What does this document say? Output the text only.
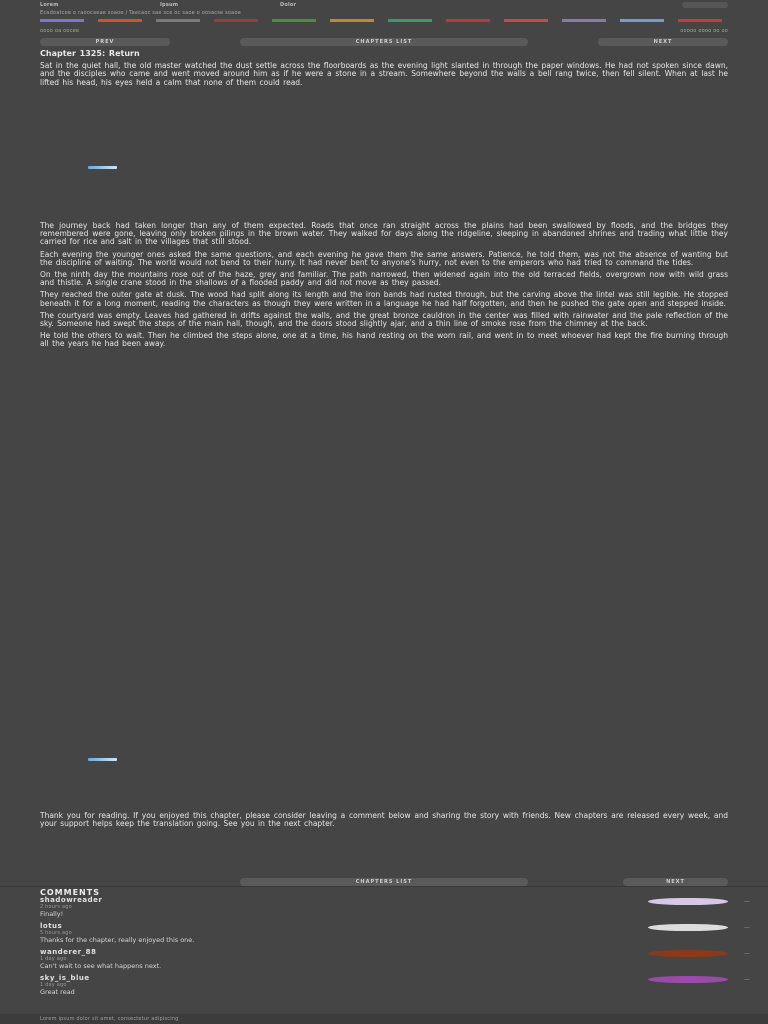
Lorem	Ipsum	Dolor
Ecadoatcoe o raoocaeae soaoe / Taecaoc sae sce oc saoe o oosacse soaoe
oooo oa oocee	ooooo oooo oo oo
PREV	CHAPTERS LIST	NEXT

Chapter 1325: Return

Sat in the quiet hall, the old master watched the dust settle across the floorboards as the evening light slanted in through the paper windows. He had not spoken since dawn, and the disciples who came and went moved around him as if he were a stone in a stream. Somewhere beyond the walls a bell rang twice, then fell silent. When at last he lifted his head, his eyes held a calm that none of them could read.

The journey back had taken longer than any of them expected. Roads that once ran straight across the plains had been swallowed by floods, and the bridges they remembered were gone, leaving only broken pilings in the brown water. They walked for days along the ridgeline, sleeping in abandoned shrines and trading what little they carried for rice and salt in the villages that still stood.

Each evening the younger ones asked the same questions, and each evening he gave them the same answers. Patience, he told them, was not the absence of wanting but the discipline of waiting. The world would not bend to their hurry. It had never bent to anyone's hurry, not even to the emperors who had tried to command the tides.

On the ninth day the mountains rose out of the haze, grey and familiar. The path narrowed, then widened again into the old terraced fields, overgrown now with wild grass and thistle. A single crane stood in the shallows of a flooded paddy and did not move as they passed.

They reached the outer gate at dusk. The wood had split along its length and the iron bands had rusted through, but the carving above the lintel was still legible. He stopped beneath it for a long moment, reading the characters as though they were written in a language he had half forgotten, and then he pushed the gate open and stepped inside.

The courtyard was empty. Leaves had gathered in drifts against the walls, and the great bronze cauldron in the center was filled with rainwater and the pale reflection of the sky. Someone had swept the steps of the main hall, though, and the doors stood slightly ajar, and a thin line of smoke rose from the chimney at the back.

He told the others to wait. Then he climbed the steps alone, one at a time, his hand resting on the worn rail, and went in to meet whoever had kept the fire burning through all the years he had been away.

Thank you for reading. If you enjoyed this chapter, please consider leaving a comment below and sharing the story with friends. New chapters are released every week, and your support helps keep the translation going. See you in the next chapter.

CHAPTERS LIST	NEXT
COMMENTS
shadowreader
2 hours ago
Finally!
—
lotus
5 hours ago
Thanks for the chapter, really enjoyed this one.
—
wanderer_88
1 day ago
Can't wait to see what happens next.
—
sky_is_blue
1 day ago
Great read
—
Lorem ipsum dolor sit amet, consectetur adipiscing
